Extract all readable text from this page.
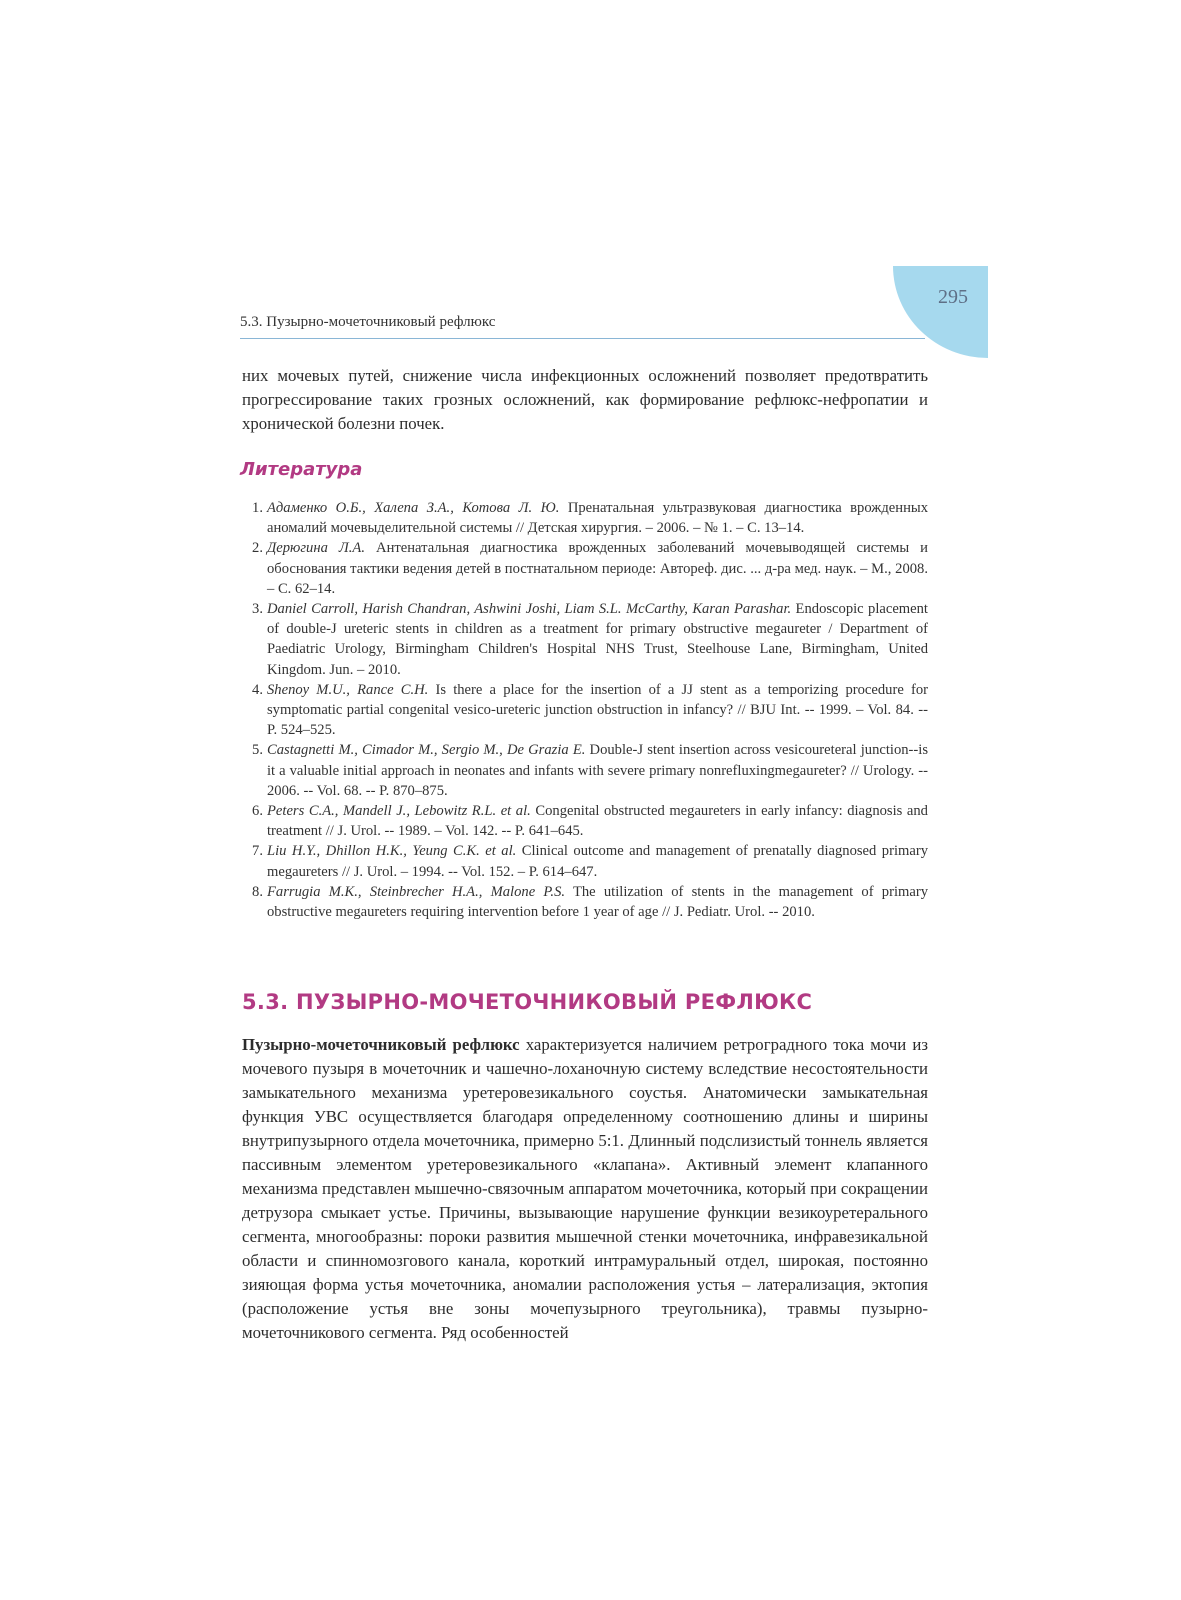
295
5.3. Пузырно-мочеточниковый рефлюкс

них мочевых путей, снижение числа инфекционных осложнений позволяет предотвратить прогрессирование таких грозных осложнений, как формирование рефлюкс-нефропатии и хронической болезни почек.

Литература
1. Адаменко О.Б., Халепа З.А., Котова Л. Ю. Пренатальная ультразвуковая диагностика врожденных аномалий мочевыделительной системы // Детская хирургия. – 2006. – № 1. – С. 13–14.
2. Дерюгина Л.А. Антенатальная диагностика врожденных заболеваний мочевыводящей системы и обоснования тактики ведения детей в постнатальном периоде: Автореф. дис. ... д-ра мед. наук. – М., 2008. – С. 62–14.
3. Daniel Carroll, Harish Chandran, Ashwini Joshi, Liam S.L. McCarthy, Karan Parashar. Endoscopic placement of double-J ureteric stents in children as a treatment for primary obstructive megaureter / Department of Paediatric Urology, Birmingham Children's Hospital NHS Trust, Steelhouse Lane, Birmingham, United Kingdom. Jun. – 2010.
4. Shenoy M.U., Rance C.H. Is there a place for the insertion of a JJ stent as a temporizing procedure for symptomatic partial congenital vesico-ureteric junction obstruction in infancy? // BJU Int. -- 1999. – Vol. 84. -- P. 524–525.
5. Castagnetti M., Cimador M., Sergio M., De Grazia E. Double-J stent insertion across vesicoureteral junction--is it a valuable initial approach in neonates and infants with severe primary nonrefluxingmegaureter? // Urology. -- 2006. -- Vol. 68. -- P. 870–875.
6. Peters C.A., Mandell J., Lebowitz R.L. et al. Congenital obstructed megaureters in early infancy: diagnosis and treatment // J. Urol. -- 1989. – Vol. 142. -- P. 641–645.
7. Liu H.Y., Dhillon H.K., Yeung C.K. et al. Clinical outcome and management of prenatally diagnosed primary megaureters // J. Urol. – 1994. -- Vol. 152. – P. 614–647.
8. Farrugia M.K., Steinbrecher H.A., Malone P.S. The utilization of stents in the management of primary obstructive megaureters requiring intervention before 1 year of age // J. Pediatr. Urol. -- 2010.
5.3. ПУЗЫРНО-МОЧЕТОЧНИКОВЫЙ РЕФЛЮКС

Пузырно-мочеточниковый рефлюкс характеризуется наличием ретроградного тока мочи из мочевого пузыря в мочеточник и чашечно-лоханочную систему вследствие несостоятельности замыкательного механизма уретеровезикального соустья. Анатомически замыкательная функция УВС осуществляется благодаря определенному соотношению длины и ширины внутрипузырного отдела мочеточника, примерно 5:1. Длинный подслизистый тоннель является пассивным элементом уретеровезикального «клапана». Активный элемент клапанного механизма представлен мышечно-связочным аппаратом мочеточника, который при сокращении детрузора смыкает устье. Причины, вызывающие нарушение функции везикоуретерального сегмента, многообразны: пороки развития мышечной стенки мочеточника, инфравезикальной области и спинномозгового канала, короткий интрамуральный отдел, широкая, постоянно зияющая форма устья мочеточника, аномалии расположения устья – латерализация, эктопия (расположение устья вне зоны мочепузырного треугольника), травмы пузырно-мочеточникового сегмента. Ряд особенностей
